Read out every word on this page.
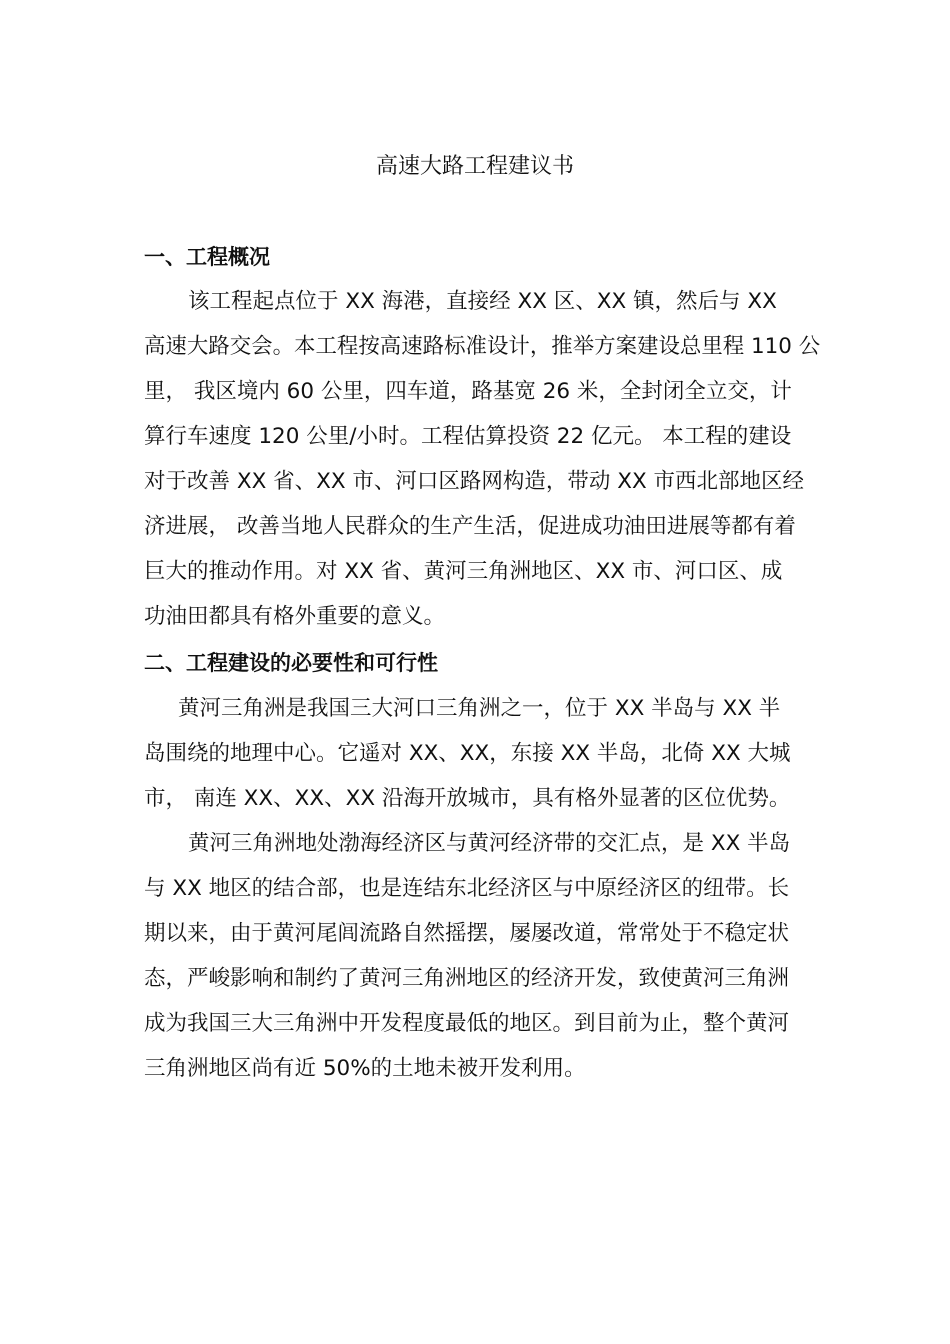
高速大路工程建议书
一、工程概况

该工程起点位于 XX 海港，直接经 XX 区、XX 镇，然后与 XX

高速大路交会。本工程按高速路标准设计，推举方案建设总里程 110 公

里， 我区境内 60 公里，四车道，路基宽 26 米，全封闭全立交，计

算行车速度 120 公里/小时。工程估算投资 22 亿元。 本工程的建设

对于改善 XX 省、XX 市、河口区路网构造，带动 XX 市西北部地区经

济进展， 改善当地人民群众的生产生活，促进成功油田进展等都有着

巨大的推动作用。对 XX 省、黄河三角洲地区、XX 市、河口区、成

功油田都具有格外重要的意义。

二、工程建设的必要性和可行性

黄河三角洲是我国三大河口三角洲之一，位于 XX 半岛与 XX 半

岛围绕的地理中心。它遥对 XX、XX，东接 XX 半岛，北倚 XX 大城

市， 南连 XX、XX、XX 沿海开放城市，具有格外显著的区位优势。

黄河三角洲地处渤海经济区与黄河经济带的交汇点，是 XX 半岛

与 XX 地区的结合部，也是连结东北经济区与中原经济区的纽带。长

期以来，由于黄河尾闾流路自然摇摆，屡屡改道，常常处于不稳定状

态，严峻影响和制约了黄河三角洲地区的经济开发，致使黄河三角洲

成为我国三大三角洲中开发程度最低的地区。到目前为止，整个黄河

三角洲地区尚有近 50%的土地未被开发利用。
